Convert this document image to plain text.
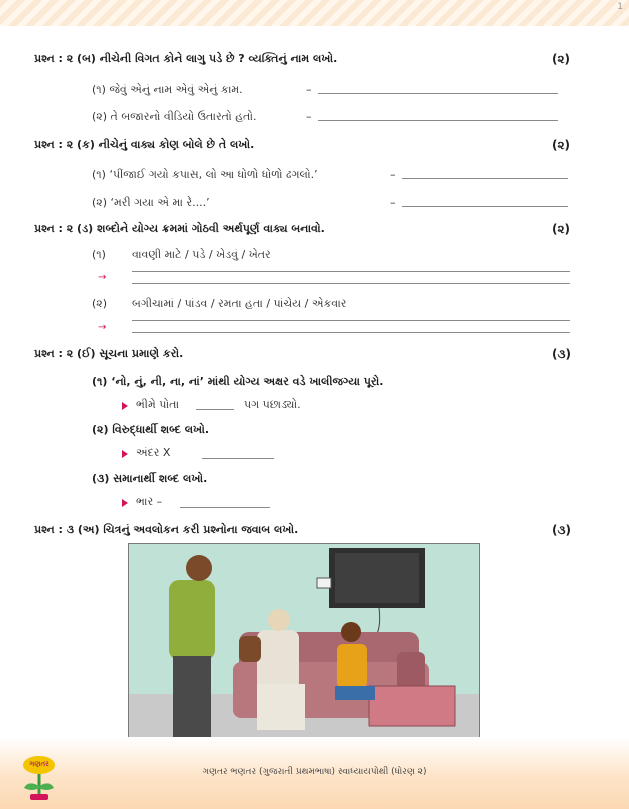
1
પ્રશ્ન : ૨ (બ) નીચેની વિગત કોને લાગુ પડે છે ? વ્યક્તિનું નામ લખો.	(૨)
(૧) જેવું એનું નામ એવું એનું કામ.	–
(૨) તે બજારનો વીડિયો ઉતારતો હતો.	–
પ્રશ્ન : ૨ (ક) નીચેનું વાક્ય કોણ બોલે છે તે લખો.	(૨)
(૧) ‘પીંજાઈ ગયો કપાસ, લો આ ધોળો ધોળો ઢગલો.’	–
(૨) ‘મરી ગયા એ મા રે....’	–
પ્રશ્ન : ૨ (ડ) શબ્દોને યોગ્ય ક્રમમાં ગોઠવી અર્થપૂર્ણ વાક્ય બનાવો.	(૨)
(૧) વાવણી માટે / પડે / ખેડવું / ખેતર
→
(૨) બગીચામાં / પાંડવ / રમતા હતા / પાંચેય / એકવાર
→
પ્રશ્ન : ૨ (ઈ) સૂચના પ્રમાણે કરો.	(૩)
(૧) ‘નો, નું, ની, ના, નાં’ માંથી યોગ્ય અક્ષર વડે ખાલીજગ્યા પૂરો.
ભીમે પોતા	પગ પછાડ્યો.
(૨) વિરુદ્ધાર્થી શબ્દ લખો.
અંદર X
(૩) સમાનાર્થી શબ્દ લખો.
ભાર –
પ્રશ્ન : ૩ (અ) ચિત્રનું અવલોકન કરી પ્રશ્નોના જવાબ લખો.	(૩)
ગણતર
ગણતર ભણતર (ગુજરાતી પ્રથમભાષા) સ્વાધ્યાયપોથી (ધોરણ ૨)
